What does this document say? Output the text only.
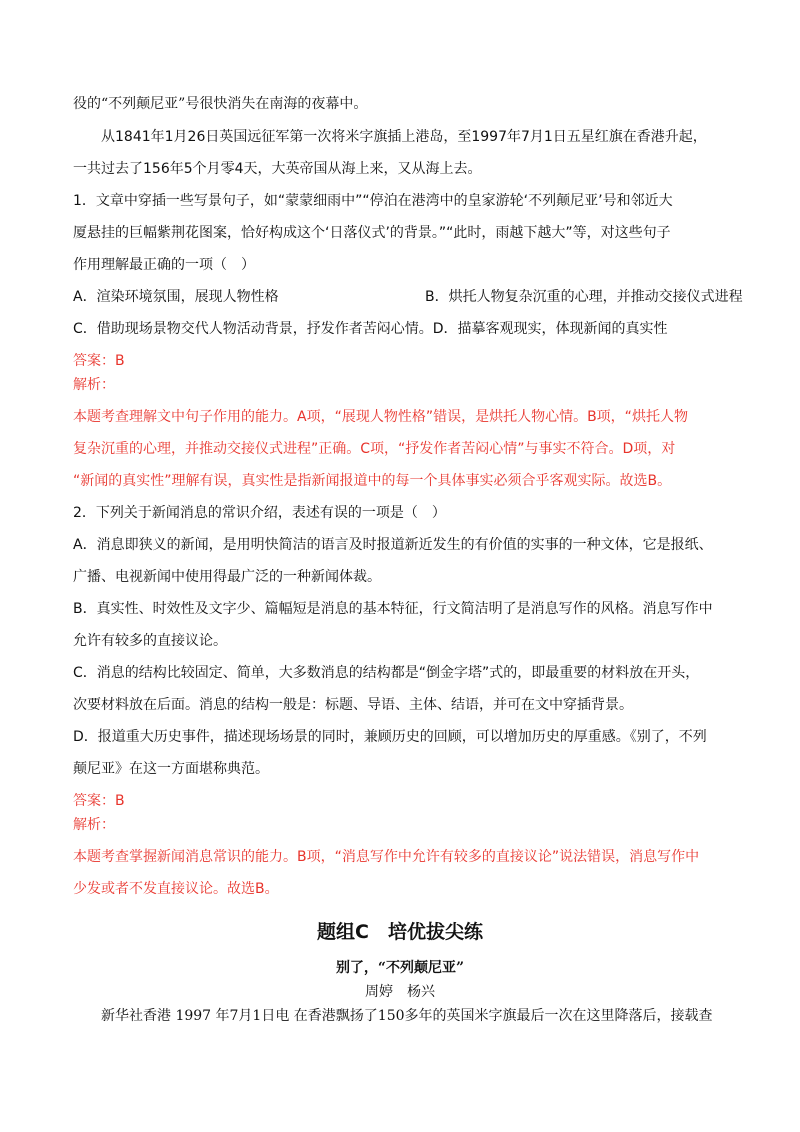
役的“不列颠尼亚”号很快消失在南海的夜幕中。
从1841年1月26日英国远征军第一次将米字旗插上港岛，至1997年7月1日五星红旗在香港升起，
一共过去了156年5个月零4天，大英帝国从海上来，又从海上去。
1．文章中穿插一些写景句子，如“蒙蒙细雨中”“停泊在港湾中的皇家游轮‘不列颠尼亚’号和邻近大
厦悬挂的巨幅紫荆花图案，恰好构成这个‘日落仪式’的背景。”“此时，雨越下越大”等，对这些句子
作用理解最正确的一项（　）
A．渲染环境氛围，展现人物性格	B．烘托人物复杂沉重的心理，并推动交接仪式进程
C．借助现场景物交代人物活动背景，抒发作者苦闷心情。D．描摹客观现实，体现新闻的真实性
答案：B
解析：
本题考查理解文中句子作用的能力。A项，“展现人物性格”错误，是烘托人物心情。B项，“烘托人物
复杂沉重的心理，并推动交接仪式进程”正确。C项，“抒发作者苦闷心情”与事实不符合。D项，对
“新闻的真实性”理解有误，真实性是指新闻报道中的每一个具体事实必须合乎客观实际。故选B。
2．下列关于新闻消息的常识介绍，表述有误的一项是（　）
A．消息即狭义的新闻，是用明快简洁的语言及时报道新近发生的有价值的实事的一种文体，它是报纸、
广播、电视新闻中使用得最广泛的一种新闻体裁。
B．真实性、时效性及文字少、篇幅短是消息的基本特征，行文简洁明了是消息写作的风格。消息写作中
允许有较多的直接议论。
C．消息的结构比较固定、简单，大多数消息的结构都是“倒金字塔”式的，即最重要的材料放在开头，
次要材料放在后面。消息的结构一般是：标题、导语、主体、结语，并可在文中穿插背景。
D．报道重大历史事件，描述现场场景的同时，兼顾历史的回顾，可以增加历史的厚重感。《别了，不列
颠尼亚》在这一方面堪称典范。
答案：B
解析：
本题考查掌握新闻消息常识的能力。B项，“消息写作中允许有较多的直接议论”说法错误，消息写作中
少发或者不发直接议论。故选B。
题组C　培优拔尖练
别了，“不列颠尼亚”
周婷　杨兴
新华社香港 1997 年7月1日电 在香港飘扬了150多年的英国米字旗最后一次在这里降落后，接载查
